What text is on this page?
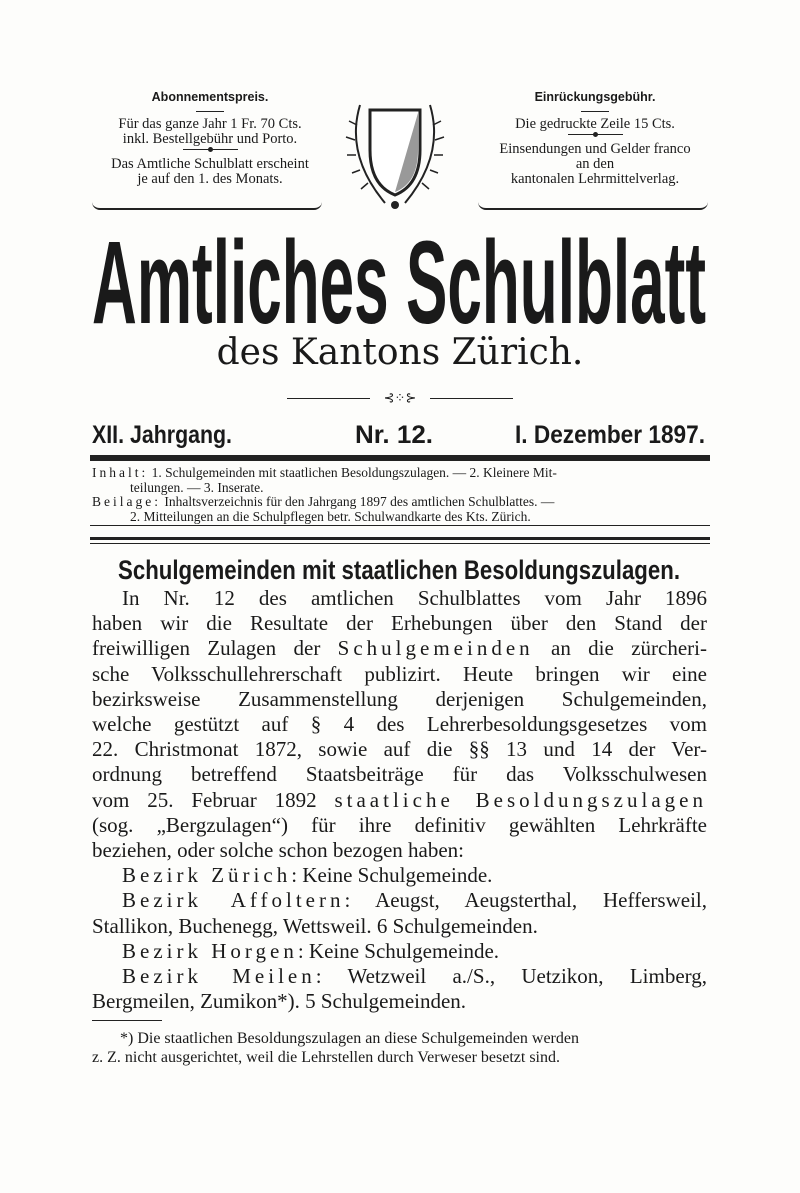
Abonnementspreis.
Für das ganze Jahr 1 Fr. 70 Cts.
inkl. Bestellgebühr und Porto.
Das Amtliche Schulblatt erscheint
je auf den 1. des Monats.
Einrückungsgebühr.
Die gedruckte Zeile 15 Cts.
Einsendungen und Gelder franco
an den
kantonalen Lehrmittelverlag.
Amtliches Schulblatt
des Kantons Zürich.
⊰⁘⊱
XII. Jahrgang.	Nr. 12.	I. Dezember 1897.
Inhalt: 1. Schulgemeinden mit staatlichen Besoldungszulagen. — 2. Kleinere Mit-
teilungen. — 3. Inserate.
Beilage: Inhaltsverzeichnis für den Jahrgang 1897 des amtlichen Schulblattes. —
2. Mitteilungen an die Schulpflegen betr. Schulwandkarte des Kts. Zürich.
Schulgemeinden mit staatlichen Besoldungszulagen.
In Nr. 12 des amtlichen Schulblattes vom Jahr 1896
haben wir die Resultate der Erhebungen über den Stand der
freiwilligen Zulagen der Schulgemeinden an die zürcheri-
sche Volksschullehrerschaft publizirt. Heute bringen wir eine
bezirksweise Zusammenstellung derjenigen Schulgemeinden,
welche gestützt auf § 4 des Lehrerbesoldungsgesetzes vom
22. Christmonat 1872, sowie auf die §§ 13 und 14 der Ver-
ordnung betreffend Staatsbeiträge für das Volksschulwesen
vom 25. Februar 1892 staatliche Besoldungszulagen
(sog. „Bergzulagen“) für ihre definitiv gewählten Lehrkräfte
beziehen, oder solche schon bezogen haben:
Bezirk Zürich: Keine Schulgemeinde.
Bezirk Affoltern: Aeugst, Aeugsterthal, Heffersweil,
Stallikon, Buchenegg, Wettsweil. 6 Schulgemeinden.
Bezirk Horgen: Keine Schulgemeinde.
Bezirk Meilen: Wetzweil a./S., Uetzikon, Limberg,
Bergmeilen, Zumikon*). 5 Schulgemeinden.
*) Die staatlichen Besoldungszulagen an diese Schulgemeinden werden
z. Z. nicht ausgerichtet, weil die Lehrstellen durch Verweser besetzt sind.
